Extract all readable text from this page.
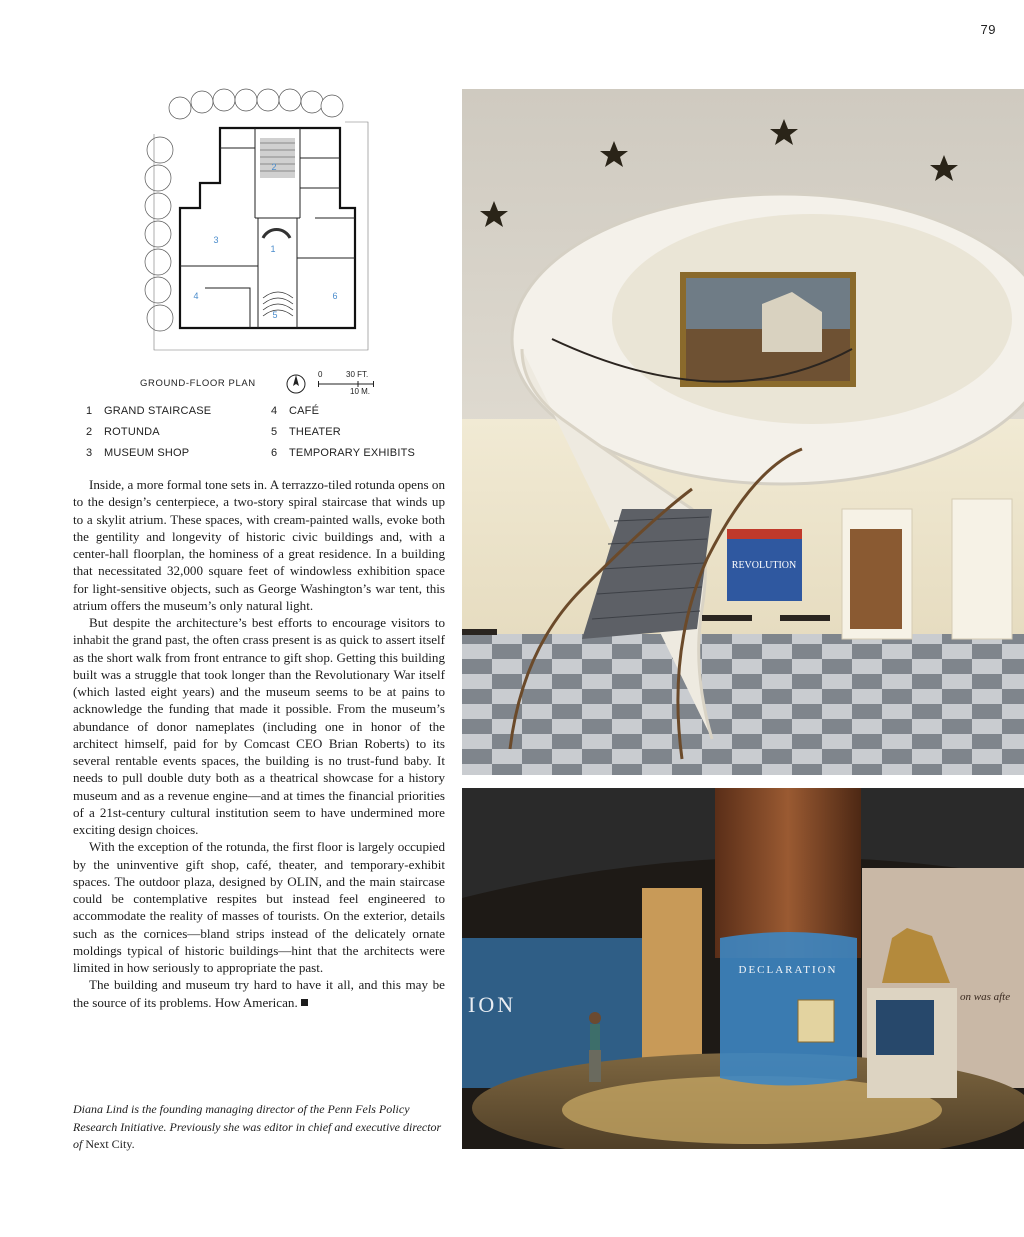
79
1
2
3
4
5
6
GROUND-FLOOR PLAN
0	30 FT.
10 M.
1 GRAND STAIRCASE
2 ROTUNDA
3 MUSEUM SHOP
4 CAFÉ
5 THEATER
6 TEMPORARY EXHIBITS

Inside, a more formal tone sets in. A terrazzo-tiled rotunda opens on to the design’s centerpiece, a two-story spiral staircase that winds up to a skylit atrium. These spaces, with cream-painted walls, evoke both the gentility and longevity of historic civic buildings and, with a center-hall floorplan, the hominess of a great residence. In a building that necessitated 32,000 square feet of windowless exhibition space for light-sensitive objects, such as George Washington’s war tent, this atrium offers the museum’s only natural light.

But despite the architecture’s best efforts to encourage visitors to inhabit the grand past, the often crass present is as quick to assert itself as the short walk from front entrance to gift shop. Getting this building built was a struggle that took longer than the Revolutionary War itself (which lasted eight years) and the museum seems to be at pains to acknowledge the funding that made it possible. From the museum’s abundance of donor nameplates (including one in honor of the architect himself, paid for by Comcast CEO Brian Roberts) to its several rentable events spaces, the building is no trust-fund baby. It needs to pull double duty both as a theatrical showcase for a history museum and as a revenue engine—and at times the financial priorities of a 21st-century cultural institution seem to have undermined more exciting design choices.

With the exception of the rotunda, the first floor is largely occupied by the uninventive gift shop, café, theater, and temporary-exhibit spaces. The outdoor plaza, designed by OLIN, and the main staircase could be contemplative respites but instead feel engineered to accommodate the reality of masses of tourists. On the exterior, details such as the cornices—bland strips instead of the delicately ornate moldings typical of historic buildings—hint that the architects were limited in how seriously to appropriate the past.

The building and museum try hard to have it all, and this may be the source of its problems. How American.

Diana Lind is the founding managing director of the Penn Fels Policy Research Initiative. Previously she was editor in chief and executive director of Next City.
REVOLUTION
ION	on was afte
DECLARATION
